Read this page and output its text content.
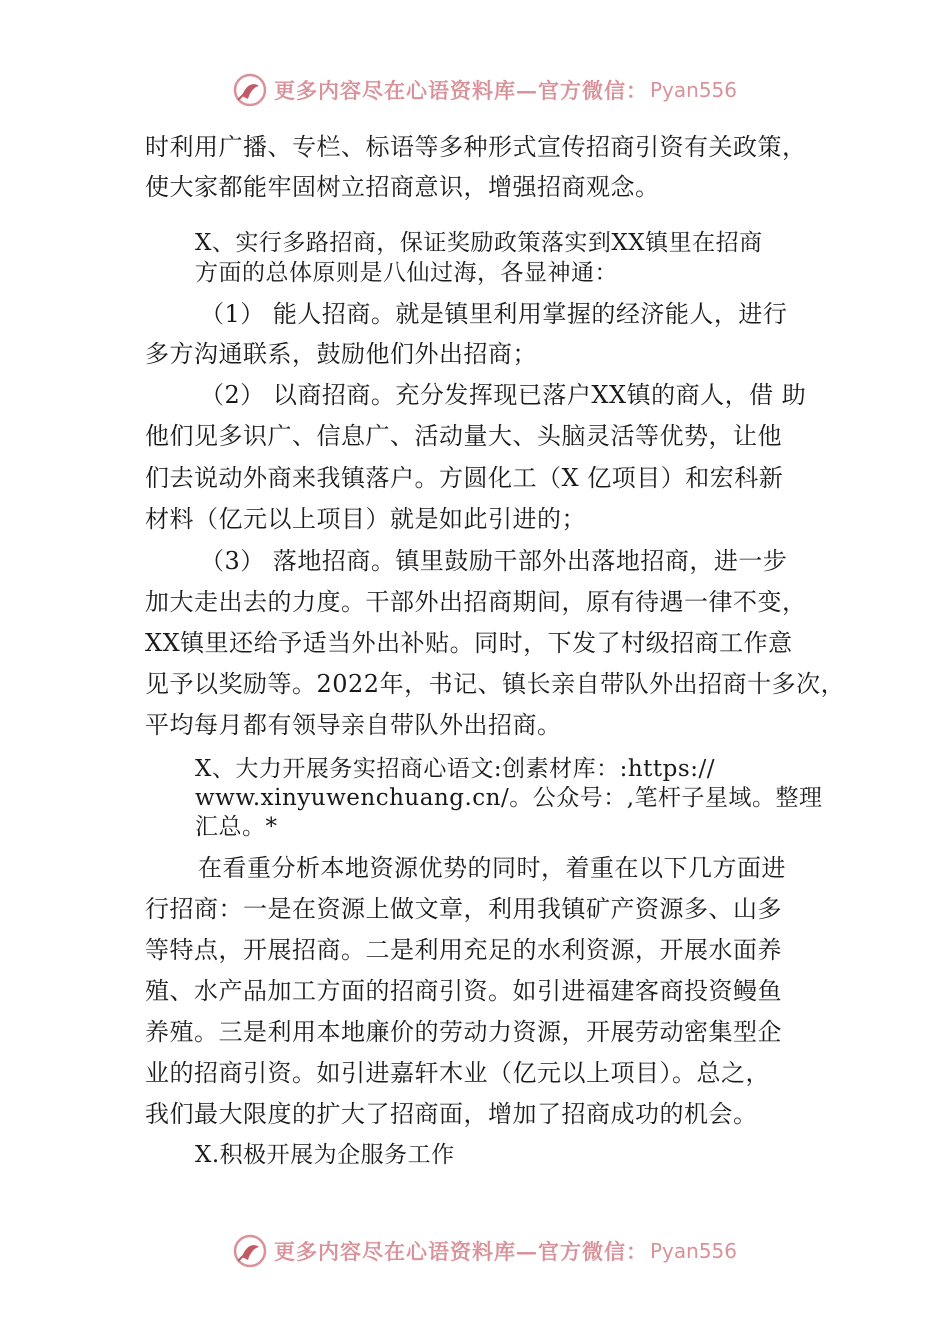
更多内容尽在心语资料库—官方微信： Pyan556
时利用广播、专栏、标语等多种形式宣传招商引资有关政策，
使大家都能牢固树立招商意识，增强招商观念。
X、实行多路招商，保证奖励政策落实到XX镇里在招商
方面的总体原则是八仙过海，各显神通：
（1） 能人招商。就是镇里利用掌握的经济能人，进行
多方沟通联系，鼓励他们外出招商；
（2） 以商招商。充分发挥现已落户XX镇的商人，借 助
他们见多识广、信息广、活动量大、头脑灵活等优势，让他
们去说动外商来我镇落户。方圆化工（X 亿项目）和宏科新
材料（亿元以上项目）就是如此引进的；
（3） 落地招商。镇里鼓励干部外出落地招商，进一步
加大走出去的力度。干部外出招商期间，原有待遇一律不变，
XX镇里还给予适当外出补贴。同时，下发了村级招商工作意
见予以奖励等。2022年，书记、镇长亲自带队外出招商十多次，
平均每月都有领导亲自带队外出招商。
X、大力开展务实招商心语文:创素材库：:https://
www.xinyuwenchuang.cn/。公众号：,笔杆子星域。整理
汇总。*
在看重分析本地资源优势的同时，着重在以下几方面进
行招商：一是在资源上做文章，利用我镇矿产资源多、山多
等特点，开展招商。二是利用充足的水利资源，开展水面养
殖、水产品加工方面的招商引资。如引进福建客商投资鳗鱼
养殖。三是利用本地廉价的劳动力资源，开展劳动密集型企
业的招商引资。如引进嘉轩木业（亿元以上项目）。总之，
我们最大限度的扩大了招商面，增加了招商成功的机会。
X.积极开展为企服务工作
更多内容尽在心语资料库—官方微信： Pyan556
